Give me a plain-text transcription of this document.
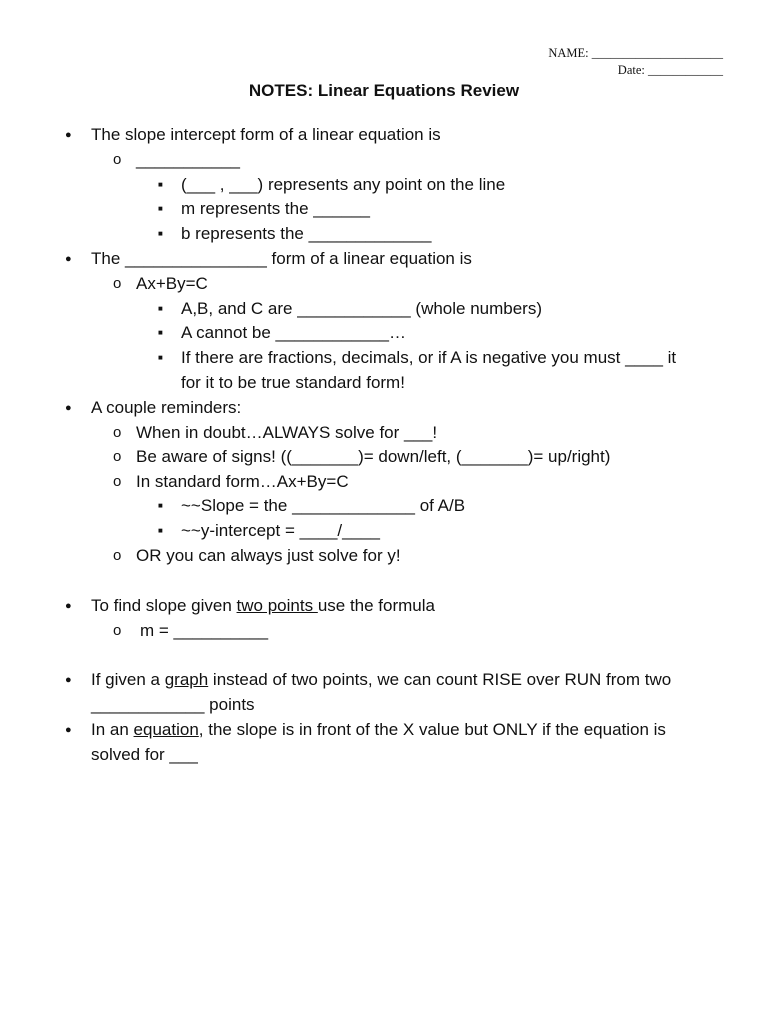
NAME: _____________________
Date: ____________
NOTES: Linear Equations Review
● The slope intercept form of a linear equation is
o ___________
■ (___ , ___) represents any point on the line
■ m represents the ______
■ b represents the _____________
● The _______________ form of a linear equation is
o Ax+By=C
■ A,B, and C are ____________ (whole numbers)
■ A cannot be ____________…
■ If there are fractions, decimals, or if A is negative you must ____ it
for it to be true standard form!
● A couple reminders:
o When in doubt…ALWAYS solve for ___!
o Be aware of signs! ((_______)= down/left, (_______)= up/right)
o In standard form…Ax+By=C
■ ~~Slope = the _____________ of A/B
■ ~~y-intercept = ____/____
o OR you can always just solve for y!
● To find slope given two points use the formula
o m = __________
● If given a graph instead of two points, we can count RISE over RUN from two
____________ points
● In an equation, the slope is in front of the X value but ONLY if the equation is
solved for ___
